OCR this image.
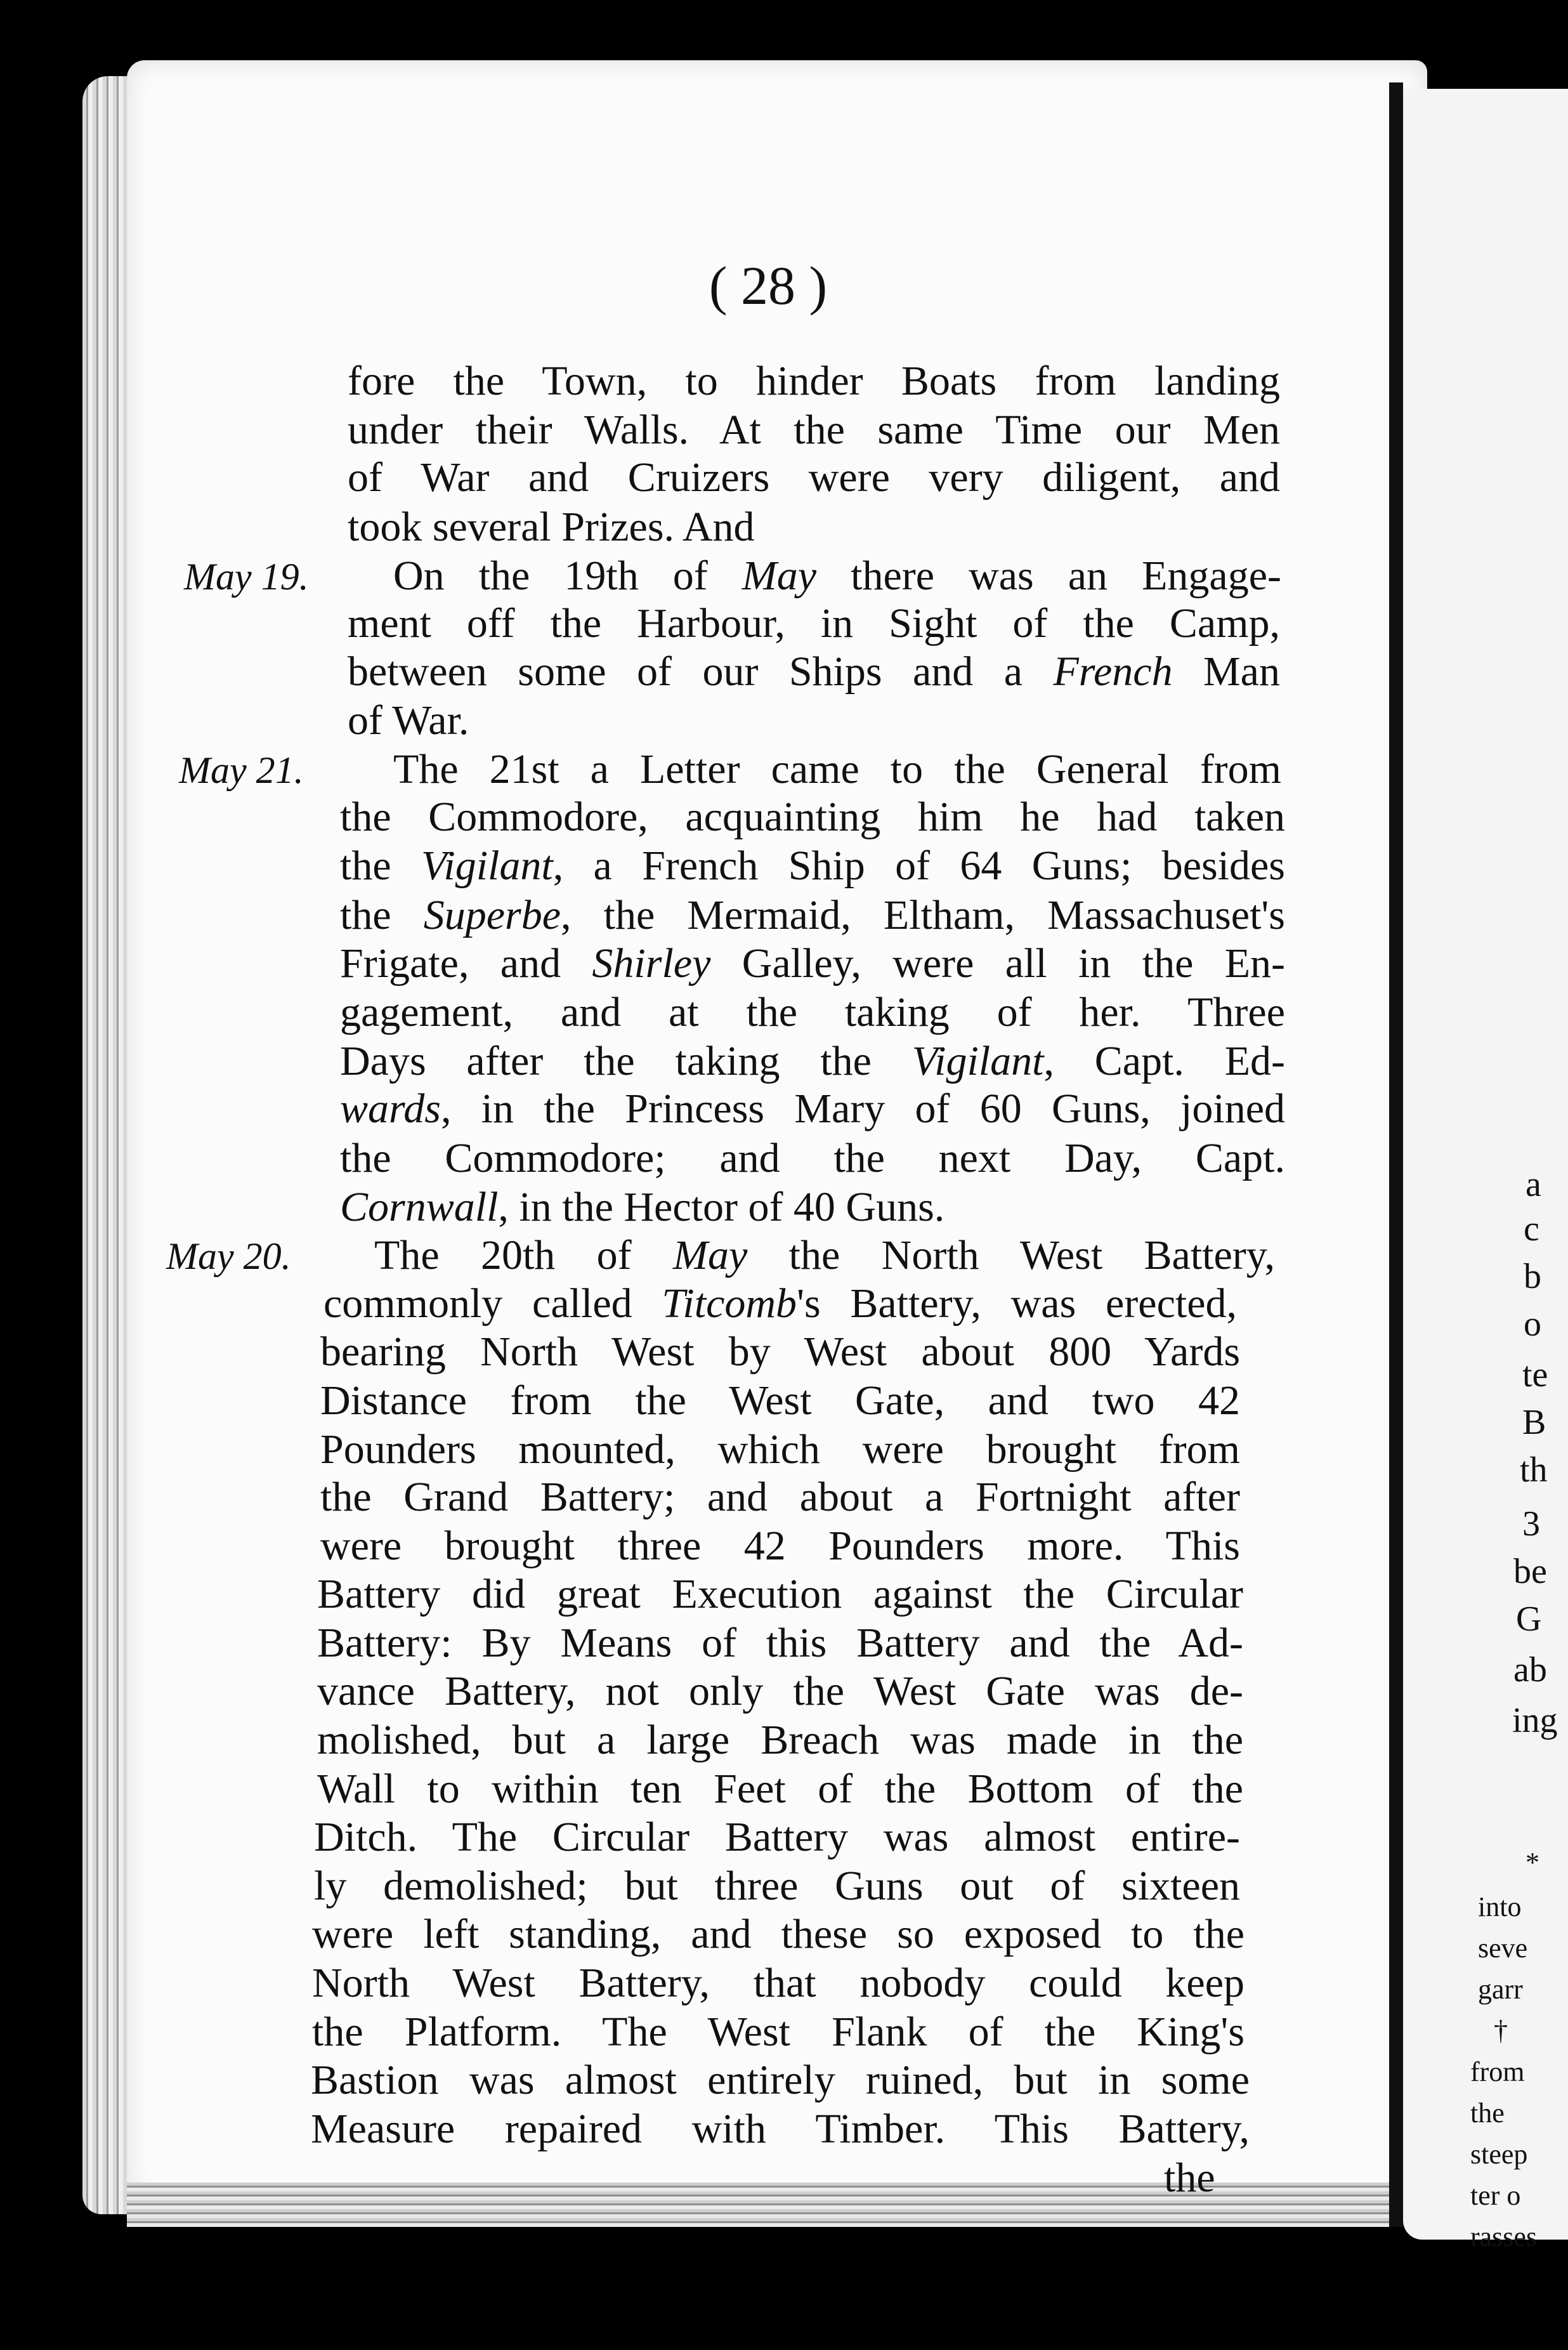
( 28 )
fore the Town, to hinder Boats from landing
under their Walls. At the same Time our Men
of War and Cruizers were very diligent, and
took several Prizes. And
On the 19th of May there was an Engage-
ment off the Harbour, in Sight of the Camp,
between some of our Ships and a French Man
of War.
The 21st a Letter came to the General from
the Commodore, acquainting him he had taken
the Vigilant, a French Ship of 64 Guns; besides
the Superbe, the Mermaid, Eltham, Massachuset's
Frigate, and Shirley Galley, were all in the En-
gagement, and at the taking of her. Three
Days after the taking the Vigilant, Capt. Ed-
wards, in the Princess Mary of 60 Guns, joined
the Commodore; and the next Day, Capt.
Cornwall, in the Hector of 40 Guns.
The 20th of May the North West Battery,
commonly called Titcomb's Battery, was erected,
bearing North West by West about 800 Yards
Distance from the West Gate, and two 42
Pounders mounted, which were brought from
the Grand Battery; and about a Fortnight after
were brought three 42 Pounders more. This
Battery did great Execution against the Circular
Battery: By Means of this Battery and the Ad-
vance Battery, not only the West Gate was de-
molished, but a large Breach was made in the
Wall to within ten Feet of the Bottom of the
Ditch. The Circular Battery was almost entire-
ly demolished; but three Guns out of sixteen
were left standing, and these so exposed to the
North West Battery, that nobody could keep
the Platform. The West Flank of the King's
Bastion was almost entirely ruined, but in some
Measure repaired with Timber. This Battery,
the
May 19.
May 21.
May 20.
a
c
b
o
te
B
th
3
be
G
ab
ing
*
into
seve
garr
†
from
the
steep
ter o
rasses
